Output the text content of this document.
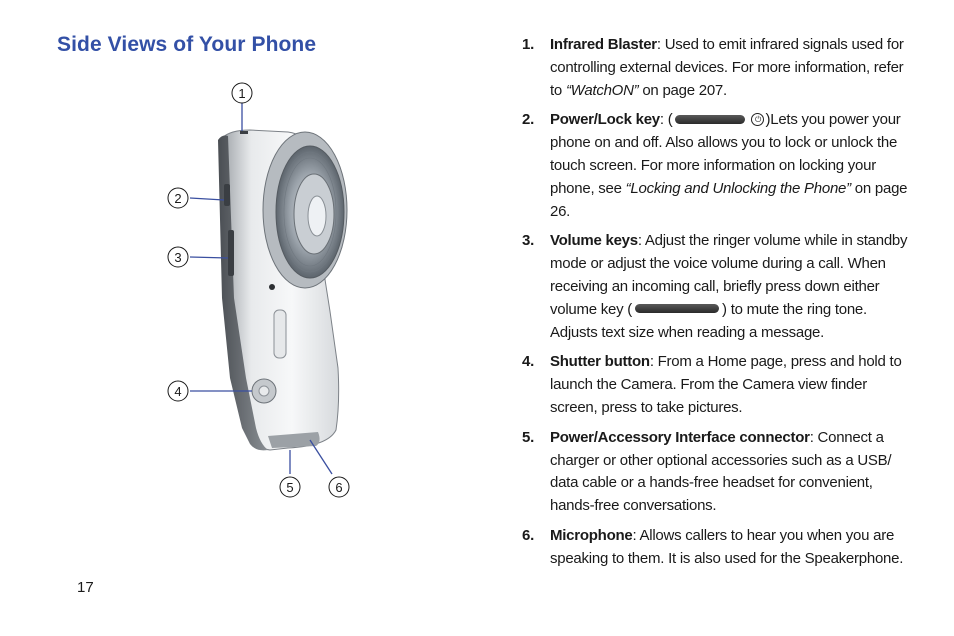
Side Views of Your Phone
1
2
3
4
5	6
1. Infrared Blaster: Used to emit infrared signals used for controlling external devices. For more information, refer to “WatchON” on page 207.
2. Power/Lock key: (	⏻ )Lets you power your phone on and off. Also allows you to lock or unlock the touch screen. For more information on locking your phone, see “Locking and Unlocking the Phone” on page 26.
3. Volume keys: Adjust the ringer volume while in standby mode or adjust the voice volume during a call. When receiving an incoming call, briefly press down either volume key (	) to mute the ring tone. Adjusts text size when reading a message.
4. Shutter button: From a Home page, press and hold to launch the Camera. From the Camera view finder screen, press to take pictures.
5. Power/Accessory Interface connector: Connect a charger or other optional accessories such as a USB/ data cable or a hands-free headset for convenient, hands-free conversations.
6. Microphone: Allows callers to hear you when you are speaking to them. It is also used for the Speakerphone.
17
